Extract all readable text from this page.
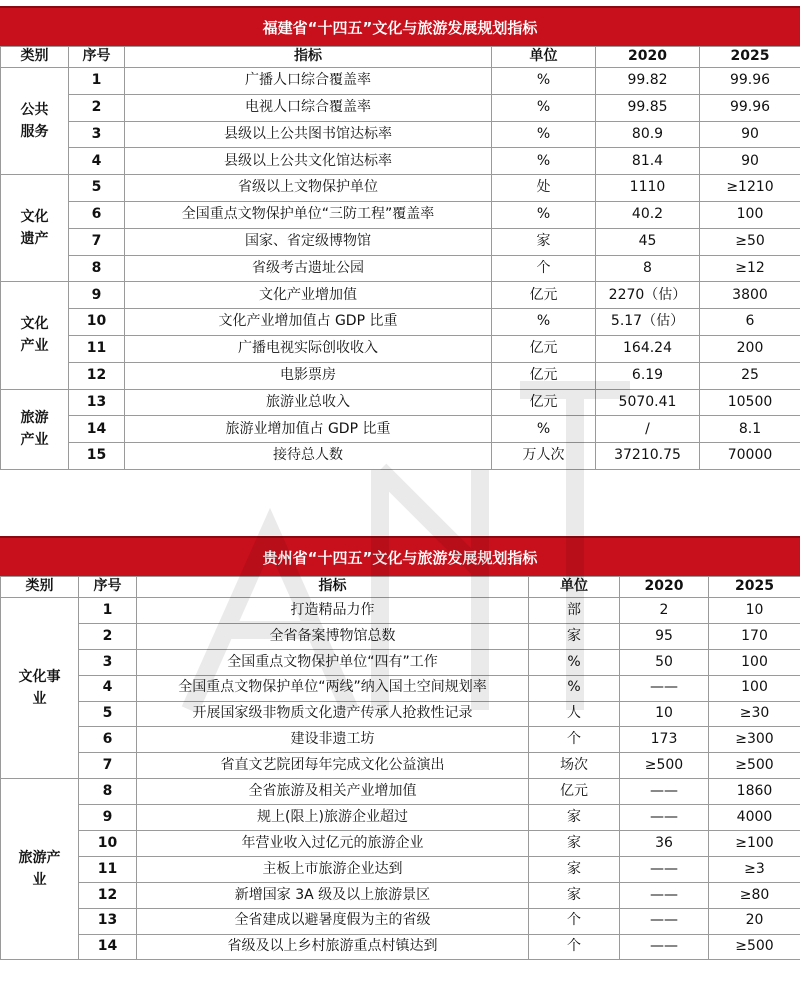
福建省“十四五”文化与旅游发展规划指标
类别	序号	指标	单位	2020	2025
公共
服务	1	广播人口综合覆盖率	%	99.82	99.96
	2	电视人口综合覆盖率	%	99.85	99.96
	3	县级以上公共图书馆达标率	%	80.9	90
	4	县级以上公共文化馆达标率	%	81.4	90
文化
遗产	5	省级以上文物保护单位	处	1110	≥1210
	6	全国重点文物保护单位“三防工程”覆盖率	%	40.2	100
	7	国家、省定级博物馆	家	45	≥50
	8	省级考古遗址公园	个	8	≥12
文化
产业	9	文化产业增加值	亿元	2270（估）	3800
	10	文化产业增加值占 GDP 比重	%	5.17（估）	6
	11	广播电视实际创收收入	亿元	164.24	200
	12	电影票房	亿元	6.19	25
旅游
产业	13	旅游业总收入	亿元	5070.41	10500
	14	旅游业增加值占 GDP 比重	%	/	8.1
	15	接待总人数	万人次	37210.75	70000
贵州省“十四五”文化与旅游发展规划指标
类别	序号	指标	单位	2020	2025
文化事
业	1	打造精品力作	部	2	10
	2	全省备案博物馆总数	家	95	170
	3	全国重点文物保护单位“四有”工作	%	50	100
	4	全国重点文物保护单位“两线”纳入国土空间规划率	%	——	100
	5	开展国家级非物质文化遗产传承人抢救性记录	人	10	≥30
	6	建设非遗工坊	个	173	≥300
	7	省直文艺院团每年完成文化公益演出	场次	≥500	≥500
旅游产
业	8	全省旅游及相关产业增加值	亿元	——	1860
	9	规上(限上)旅游企业超过	家	——	4000
	10	年营业收入过亿元的旅游企业	家	36	≥100
	11	主板上市旅游企业达到	家	——	≥3
	12	新增国家 3A 级及以上旅游景区	家	——	≥80
	13	全省建成以避暑度假为主的省级	个	——	20
	14	省级及以上乡村旅游重点村镇达到	个	——	≥500
